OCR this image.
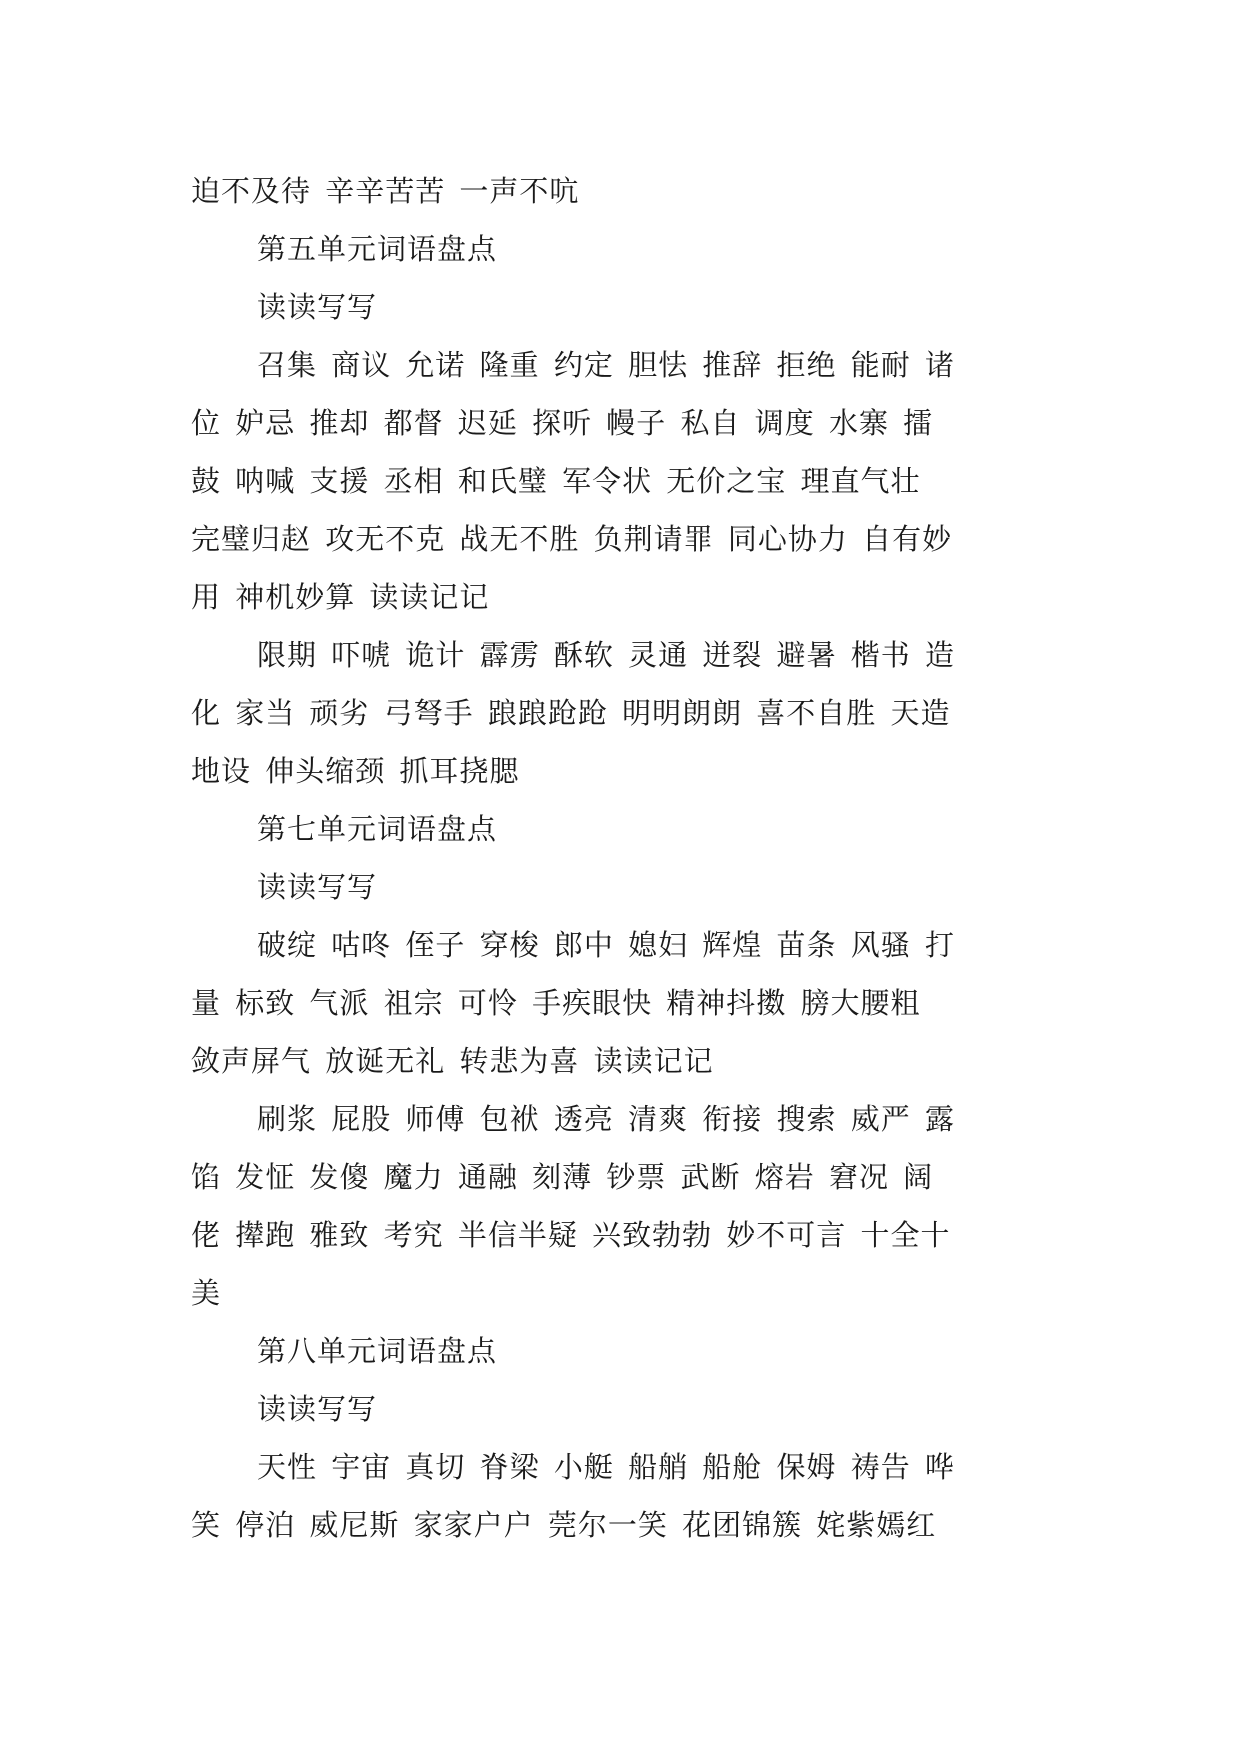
迫不及待 辛辛苦苦 一声不吭

第五单元词语盘点

读读写写

召集 商议 允诺 隆重 约定 胆怯 推辞 拒绝 能耐 诸

位 妒忌 推却 都督 迟延 探听 幔子 私自 调度 水寨 擂

鼓 呐喊 支援 丞相 和氏璧 军令状 无价之宝 理直气壮

完璧归赵 攻无不克 战无不胜 负荆请罪 同心协力 自有妙

用 神机妙算 读读记记

限期 吓唬 诡计 霹雳 酥软 灵通 迸裂 避暑 楷书 造

化 家当 顽劣 弓弩手 踉踉跄跄 明明朗朗 喜不自胜 天造

地设 伸头缩颈 抓耳挠腮

第七单元词语盘点

读读写写

破绽 咕咚 侄子 穿梭 郎中 媳妇 辉煌 苗条 风骚 打

量 标致 气派 祖宗 可怜 手疾眼快 精神抖擞 膀大腰粗

敛声屏气 放诞无礼 转悲为喜 读读记记

刷浆 屁股 师傅 包袱 透亮 清爽 衔接 搜索 威严 露

馅 发怔 发傻 魔力 通融 刻薄 钞票 武断 熔岩 窘况 阔

佬 撵跑 雅致 考究 半信半疑 兴致勃勃 妙不可言 十全十

美

第八单元词语盘点

读读写写

天性 宇宙 真切 脊梁 小艇 船艄 船舱 保姆 祷告 哗

笑 停泊 威尼斯 家家户户 莞尔一笑 花团锦簇 姹紫嫣红
